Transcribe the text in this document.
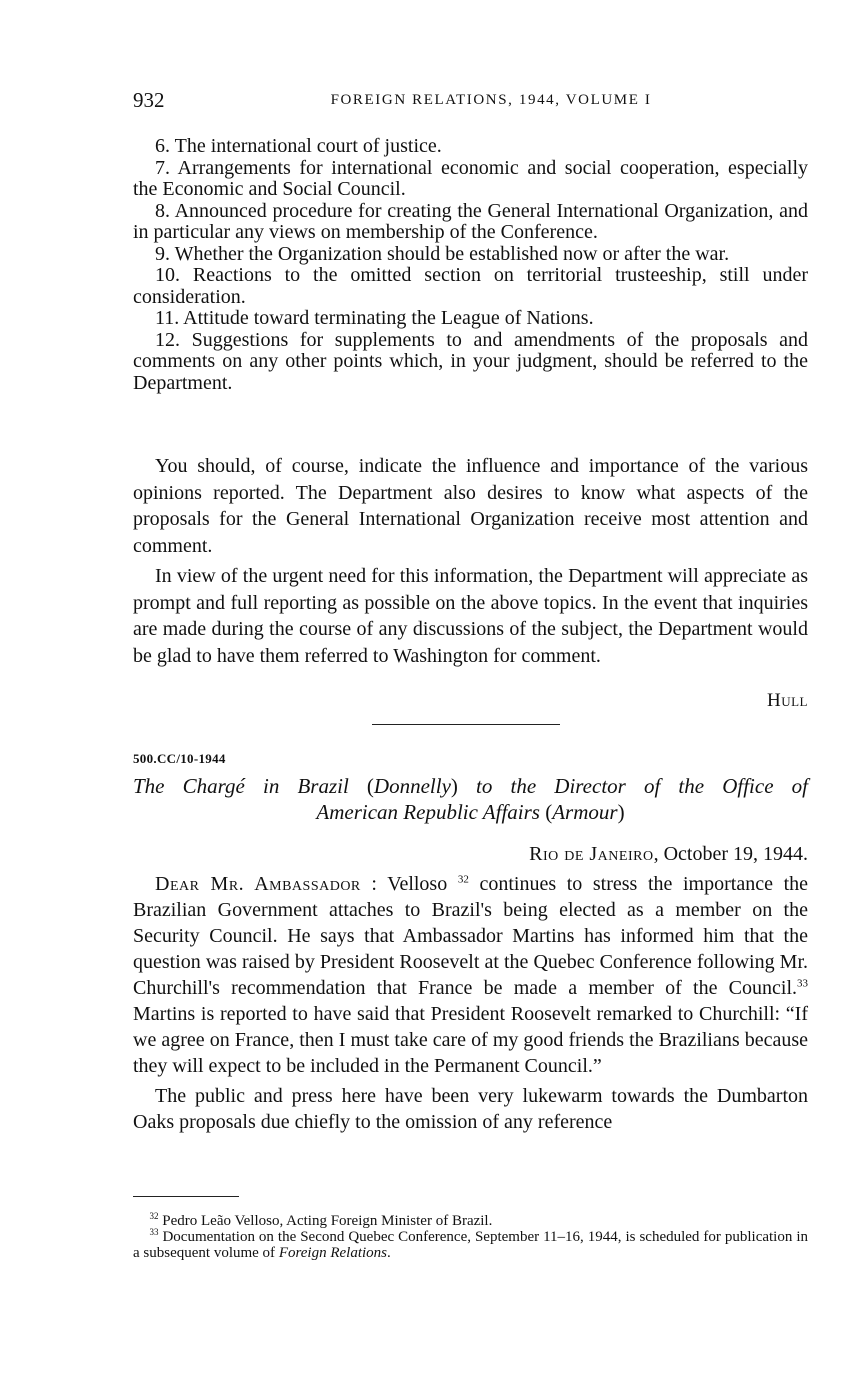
932	FOREIGN RELATIONS, 1944, VOLUME I

6. The international court of justice.

7. Arrangements for international economic and social cooperation, especially the Economic and Social Council.

8. Announced procedure for creating the General International Organization, and in particular any views on membership of the Conference.

9. Whether the Organization should be established now or after the war.

10. Reactions to the omitted section on territorial trusteeship, still under consideration.

11. Attitude toward terminating the League of Nations.

12. Suggestions for supplements to and amendments of the proposals and comments on any other points which, in your judgment, should be referred to the Department.

You should, of course, indicate the influence and importance of the various opinions reported. The Department also desires to know what aspects of the proposals for the General International Organization receive most attention and comment.

In view of the urgent need for this information, the Department will appreciate as prompt and full reporting as possible on the above topics. In the event that inquiries are made during the course of any discussions of the subject, the Department would be glad to have them referred to Washington for comment.

Hull
500.CC/10-1944
The Chargé in Brazil (Donnelly) to the Director of the Office of
American Republic Affairs (Armour)
Rio de Janeiro, October 19, 1944.

Dear Mr. Ambassador : Velloso $^{32}$ continues to stress the importance the Brazilian Government attaches to Brazil's being elected as a member on the Security Council. He says that Ambassador Martins has informed him that the question was raised by President Roosevelt at the Quebec Conference following Mr. Churchill's recommendation that France be made a member of the Council.$^{33}$ Martins is reported to have said that President Roosevelt remarked to Churchill: “If we agree on France, then I must take care of my good friends the Brazilians because they will expect to be included in the Permanent Council.”

The public and press here have been very lukewarm towards the Dumbarton Oaks proposals due chiefly to the omission of any reference

$^{32}$ Pedro Leão Velloso, Acting Foreign Minister of Brazil.

$^{33}$ Documentation on the Second Quebec Conference, September 11–16, 1944, is scheduled for publication in a subsequent volume of Foreign Relations.
